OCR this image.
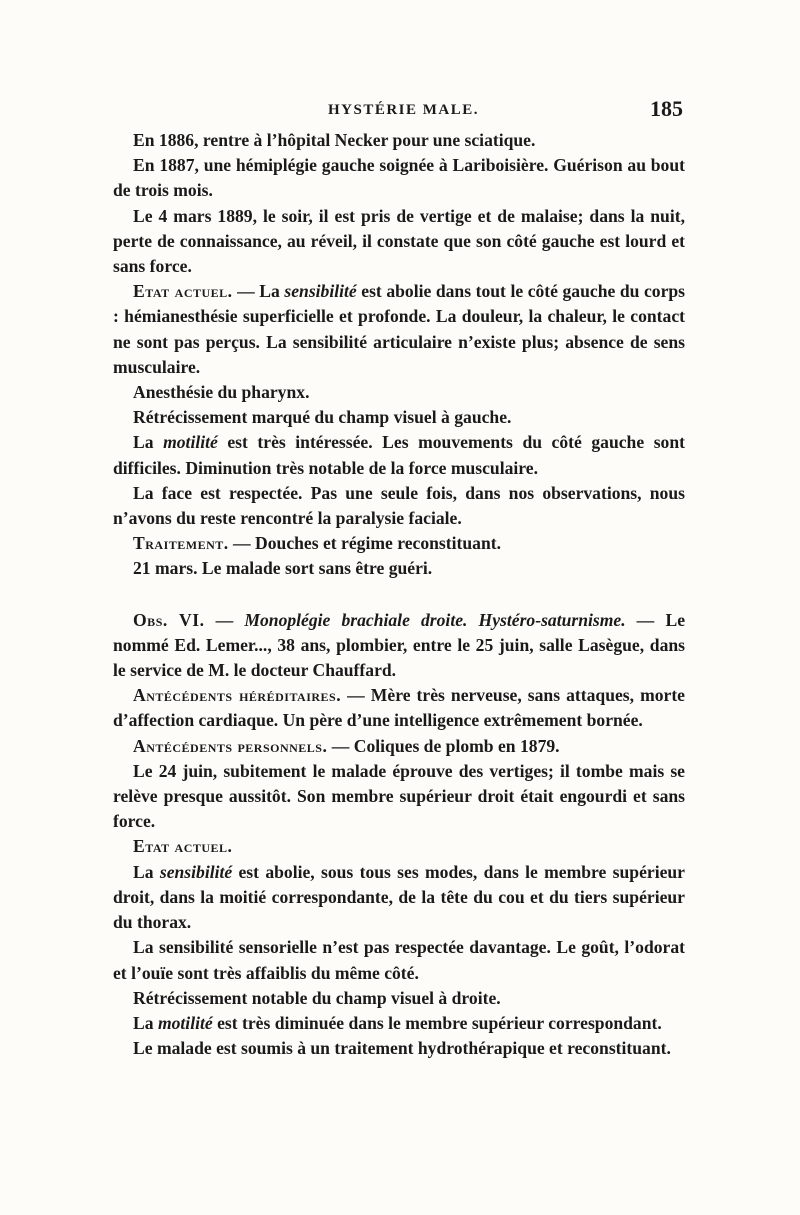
HYSTÉRIE MALE.	185

En 1886, rentre à l’hôpital Necker pour une sciatique.

En 1887, une hémiplégie gauche soignée à Lariboisière. Guérison au bout de trois mois.

Le 4 mars 1889, le soir, il est pris de vertige et de malaise; dans la nuit, perte de connaissance, au réveil, il constate que son côté gauche est lourd et sans force.

Etat actuel. — La sensibilité est abolie dans tout le côté gauche du corps : hémianesthésie superficielle et profonde. La douleur, la chaleur, le contact ne sont pas perçus. La sensibilité articulaire n’existe plus; absence de sens musculaire.

Anesthésie du pharynx.

Rétrécissement marqué du champ visuel à gauche.

La motilité est très intéressée. Les mouvements du côté gauche sont difficiles. Diminution très notable de la force musculaire.

La face est respectée. Pas une seule fois, dans nos observations, nous n’avons du reste rencontré la paralysie faciale.

Traitement. — Douches et régime reconstituant.

21 mars. Le malade sort sans être guéri.

Obs. VI. — Monoplégie brachiale droite. Hystéro-saturnisme. — Le nommé Ed. Lemer..., 38 ans, plombier, entre le 25 juin, salle Lasègue, dans le service de M. le docteur Chauffard.

Antécédents héréditaires. — Mère très nerveuse, sans attaques, morte d’affection cardiaque. Un père d’une intelligence extrêmement bornée.

Antécédents personnels. — Coliques de plomb en 1879.

Le 24 juin, subitement le malade éprouve des vertiges; il tombe mais se relève presque aussitôt. Son membre supérieur droit était engourdi et sans force.

Etat actuel.

La sensibilité est abolie, sous tous ses modes, dans le membre supérieur droit, dans la moitié correspondante, de la tête du cou et du tiers supérieur du thorax.

La sensibilité sensorielle n’est pas respectée davantage. Le goût, l’odorat et l’ouïe sont très affaiblis du même côté.

Rétrécissement notable du champ visuel à droite.

La motilité est très diminuée dans le membre supérieur correspondant.

Le malade est soumis à un traitement hydrothérapique et reconstituant.
